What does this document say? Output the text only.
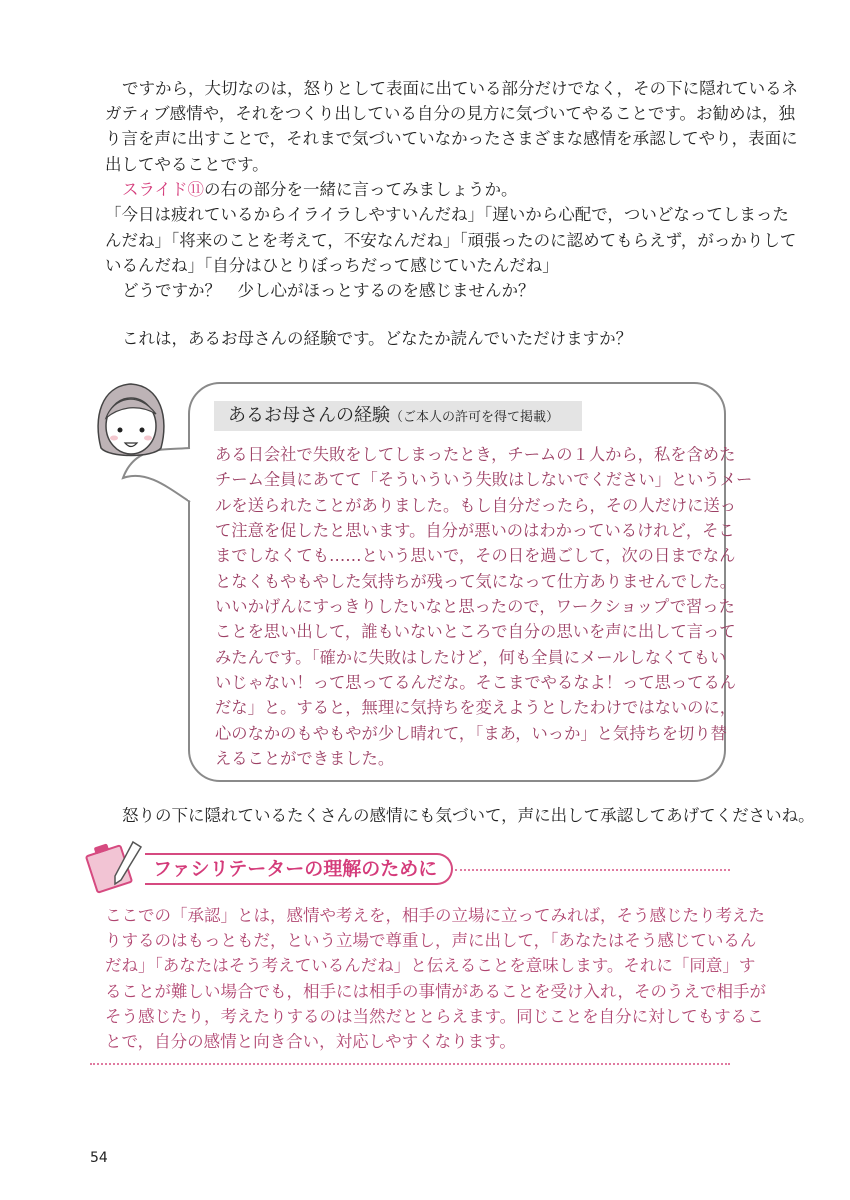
ですから，大切なのは，怒りとして表面に出ている部分だけでなく，その下に隠れているネ
ガティブ感情や，それをつくり出している自分の見方に気づいてやることです。お勧めは，独
り言を声に出すことで，それまで気づいていなかったさまざまな感情を承認してやり，表面に
出してやることです。
スライド⑪の右の部分を一緒に言ってみましょうか。
「今日は疲れているからイライラしやすいんだね」「遅いから心配で，ついどなってしまった
んだね」「将来のことを考えて，不安なんだね」「頑張ったのに認めてもらえず，がっかりして
いるんだね」「自分はひとりぼっちだって感じていたんだね」
どうですか？　少し心がほっとするのを感じませんか？
これは，あるお母さんの経験です。どなたか読んでいただけますか？
あるお母さんの経験（ご本人の許可を得て掲載）
ある日会社で失敗をしてしまったとき，チームの１人から，私を含めた
チーム全員にあてて「そういういう失敗はしないでください」というメー
ルを送られたことがありました。もし自分だったら，その人だけに送っ
て注意を促したと思います。自分が悪いのはわかっているけれど，そこ
までしなくても……という思いで，その日を過ごして，次の日までなん
となくもやもやした気持ちが残って気になって仕方ありませんでした。
いいかげんにすっきりしたいなと思ったので，ワークショップで習った
ことを思い出して，誰もいないところで自分の思いを声に出して言って
みたんです。「確かに失敗はしたけど，何も全員にメールしなくてもい
いじゃない！って思ってるんだな。そこまでやるなよ！って思ってるん
だな」と。すると，無理に気持ちを変えようとしたわけではないのに，
心のなかのもやもやが少し晴れて，「まあ，いっか」と気持ちを切り替
えることができました。
怒りの下に隠れているたくさんの感情にも気づいて，声に出して承認してあげてくださいね。
ファシリテーターの理解のために
ここでの「承認」とは，感情や考えを，相手の立場に立ってみれば，そう感じたり考えた
りするのはもっともだ，という立場で尊重し，声に出して，「あなたはそう感じているん
だね」「あなたはそう考えているんだね」と伝えることを意味します。それに「同意」す
ることが難しい場合でも，相手には相手の事情があることを受け入れ，そのうえで相手が
そう感じたり，考えたりするのは当然だととらえます。同じことを自分に対してもするこ
とで，自分の感情と向き合い，対応しやすくなります。
54
